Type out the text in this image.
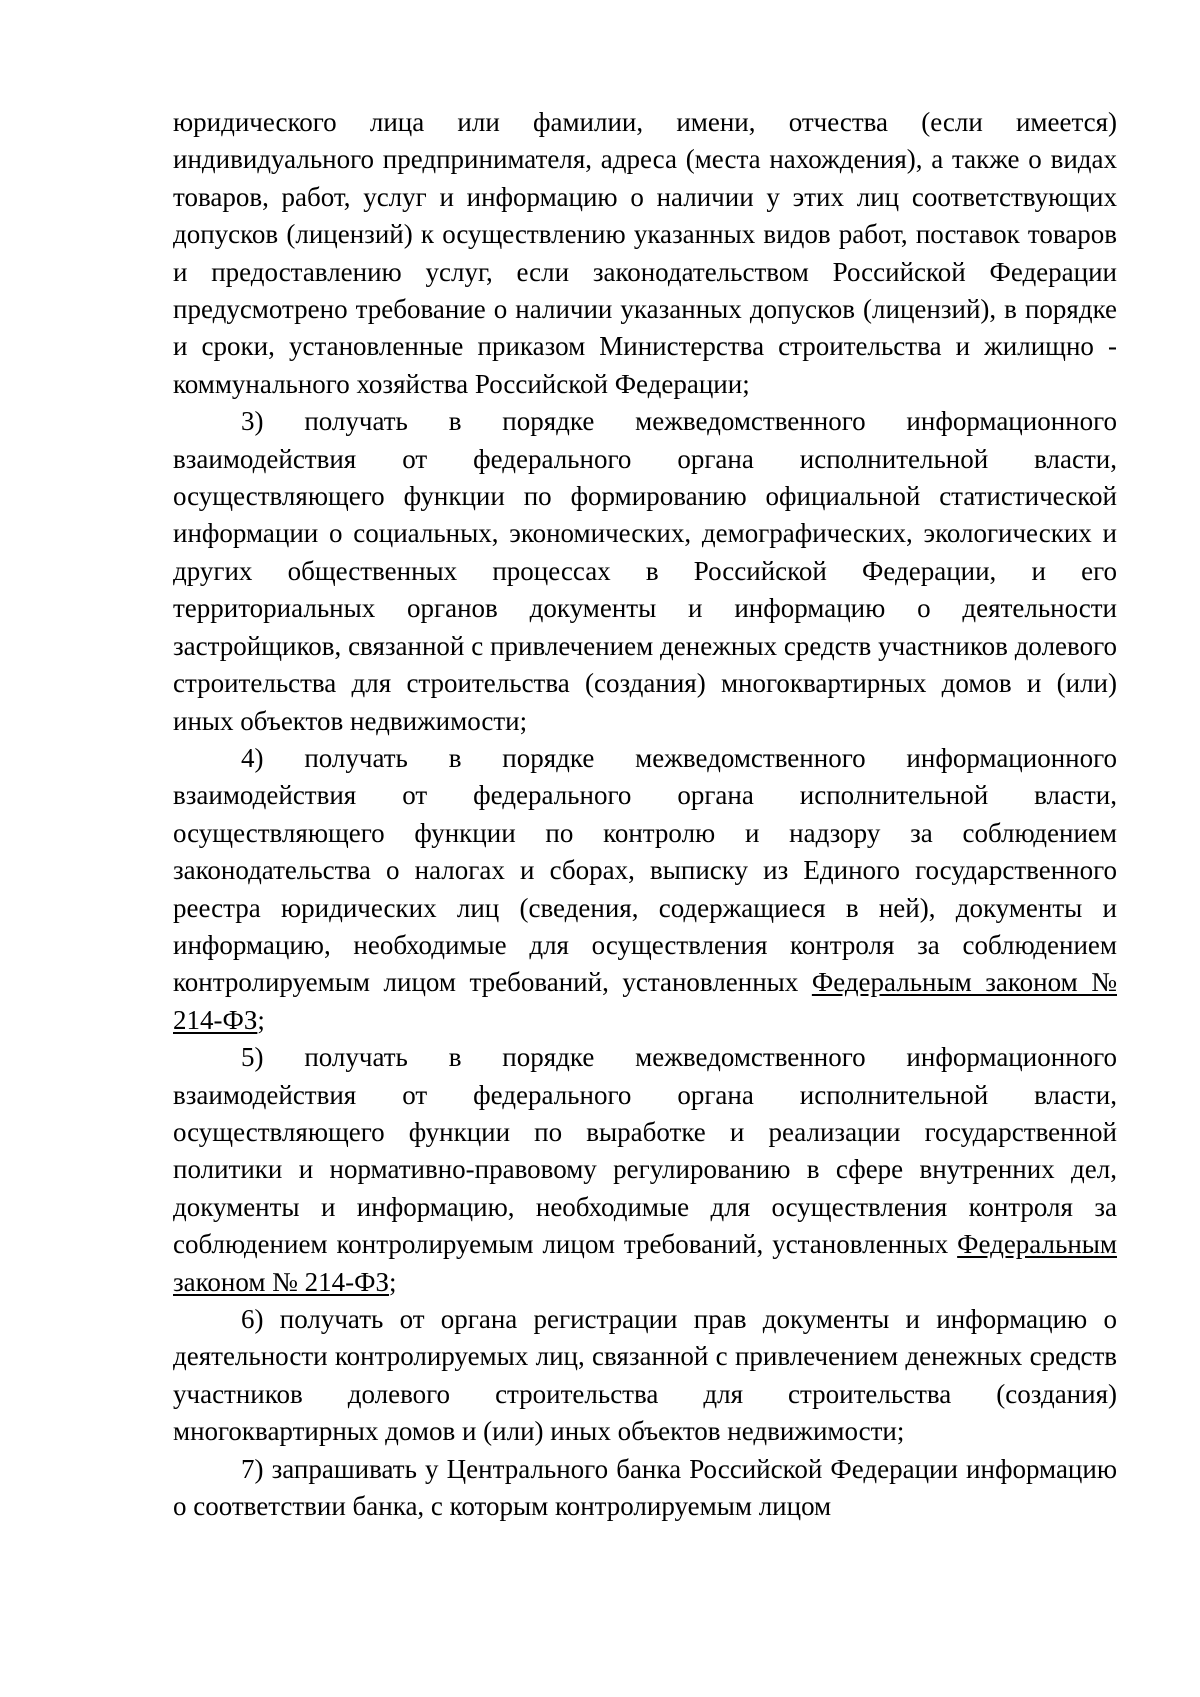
юридического лица или фамилии, имени, отчества (если имеется) индивидуального предпринимателя, адреса (места нахождения), а также о видах товаров, работ, услуг и информацию о наличии у этих лиц соответствующих допусков (лицензий) к осуществлению указанных видов работ, поставок товаров и предоставлению услуг, если законодательством Российской Федерации предусмотрено требование о наличии указанных допусков (лицензий), в порядке и сроки, установленные приказом Министерства строительства и жилищно - коммунального хозяйства Российской Федерации;

3) получать в порядке межведомственного информационного взаимодействия от федерального органа исполнительной власти, осуществляющего функции по формированию официальной статистической информации о социальных, экономических, демографических, экологических и других общественных процессах в Российской Федерации, и его территориальных органов документы и информацию о деятельности застройщиков, связанной с привлечением денежных средств участников долевого строительства для строительства (создания) многоквартирных домов и (или) иных объектов недвижимости;

4) получать в порядке межведомственного информационного взаимодействия от федерального органа исполнительной власти, осуществляющего функции по контролю и надзору за соблюдением законодательства о налогах и сборах, выписку из Единого государственного реестра юридических лиц (сведения, содержащиеся в ней), документы и информацию, необходимые для осуществления контроля за соблюдением контролируемым лицом требований, установленных Федеральным законом № 214-ФЗ;

5) получать в порядке межведомственного информационного взаимодействия от федерального органа исполнительной власти, осуществляющего функции по выработке и реализации государственной политики и нормативно-правовому регулированию в сфере внутренних дел, документы и информацию, необходимые для осуществления контроля за соблюдением контролируемым лицом требований, установленных Федеральным законом № 214-ФЗ;

6) получать от органа регистрации прав документы и информацию о деятельности контролируемых лиц, связанной с привлечением денежных средств участников долевого строительства для строительства (создания) многоквартирных домов и (или) иных объектов недвижимости;

7) запрашивать у Центрального банка Российской Федерации информацию о соответствии банка, с которым контролируемым лицом
